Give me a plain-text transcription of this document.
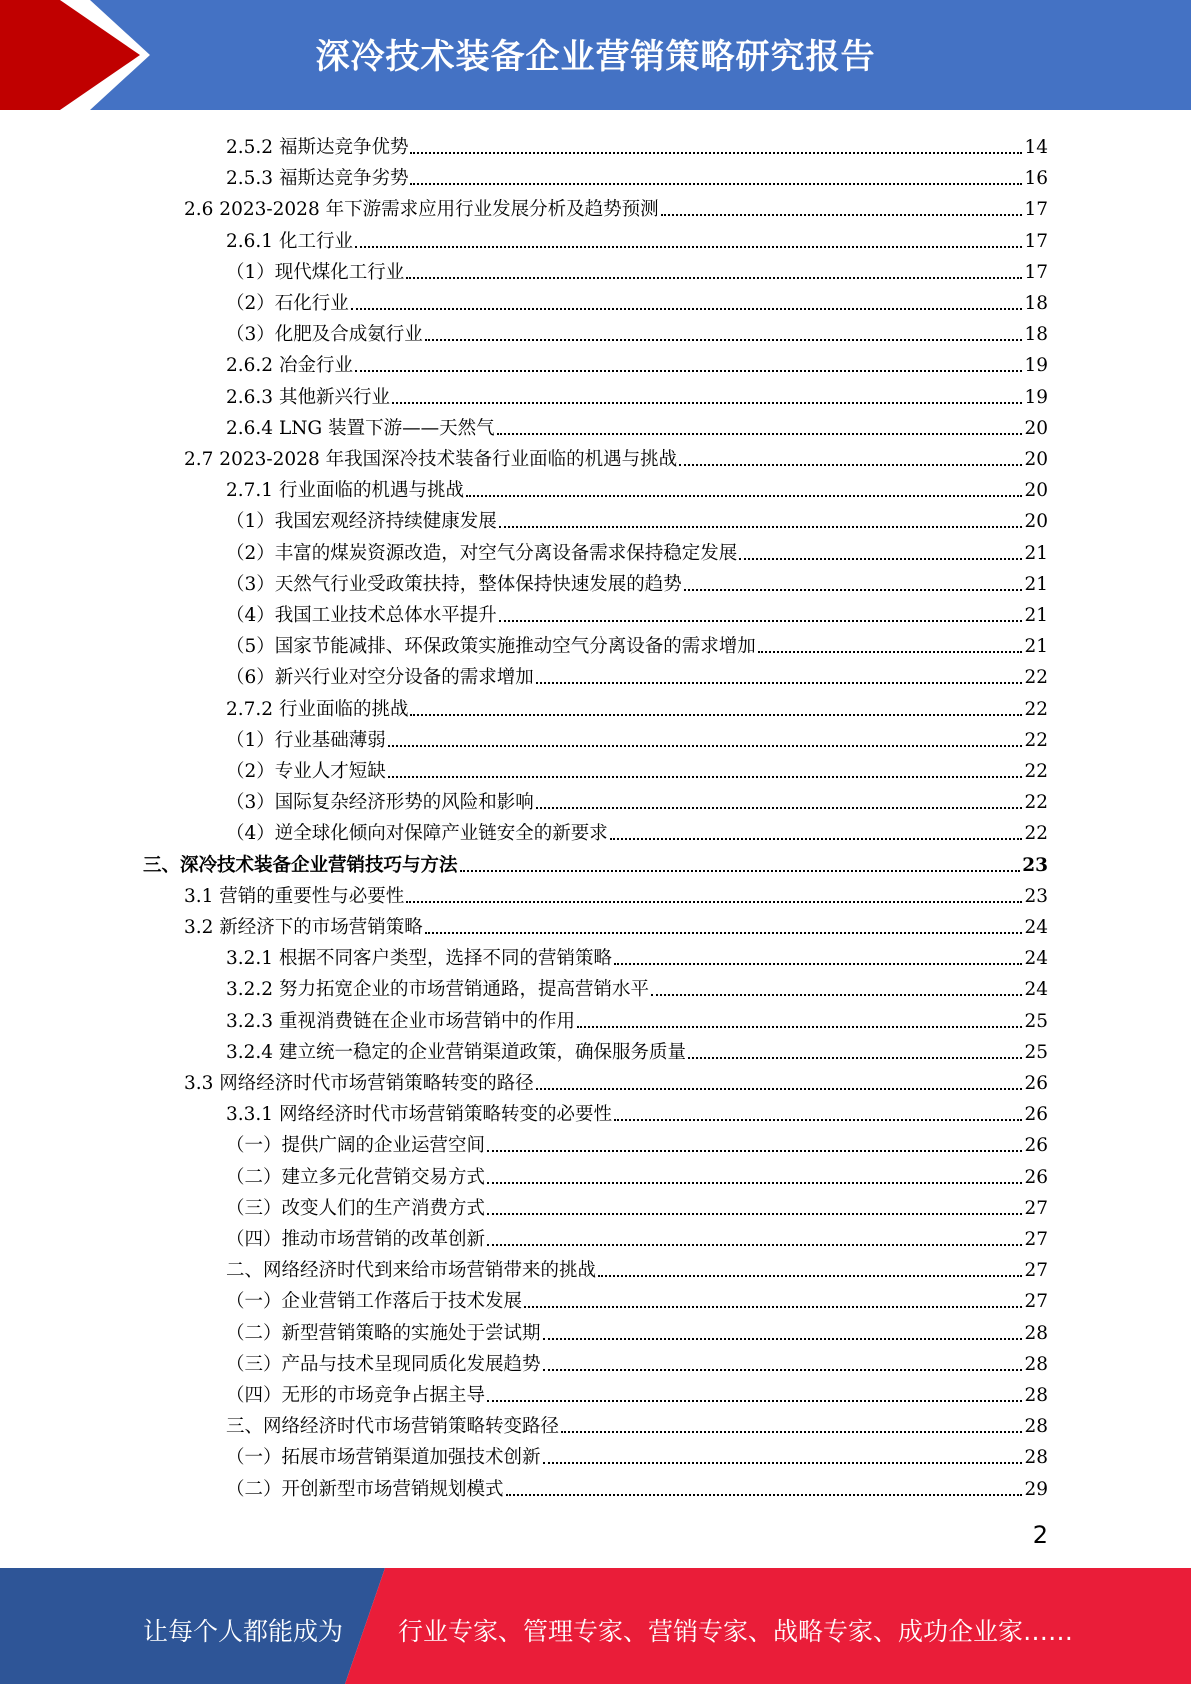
深冷技术装备企业营销策略研究报告
2.5.2 福斯达竞争优势	14
2.5.3 福斯达竞争劣势	16
2.6 2023-2028 年下游需求应用行业发展分析及趋势预测	17
2.6.1 化工行业	17
（1）现代煤化工行业	17
（2）石化行业	18
（3）化肥及合成氨行业	18
2.6.2 冶金行业	19
2.6.3 其他新兴行业	19
2.6.4 LNG 装置下游——天然气	20
2.7 2023-2028 年我国深冷技术装备行业面临的机遇与挑战	20
2.7.1 行业面临的机遇与挑战	20
（1）我国宏观经济持续健康发展	20
（2）丰富的煤炭资源改造，对空气分离设备需求保持稳定发展	21
（3）天然气行业受政策扶持，整体保持快速发展的趋势	21
（4）我国工业技术总体水平提升	21
（5）国家节能减排、环保政策实施推动空气分离设备的需求增加	21
（6）新兴行业对空分设备的需求增加	22
2.7.2 行业面临的挑战	22
（1）行业基础薄弱	22
（2）专业人才短缺	22
（3）国际复杂经济形势的风险和影响	22
（4）逆全球化倾向对保障产业链安全的新要求	22
三、深冷技术装备企业营销技巧与方法	23
3.1 营销的重要性与必要性	23
3.2 新经济下的市场营销策略	24
3.2.1 根据不同客户类型，选择不同的营销策略	24
3.2.2 努力拓宽企业的市场营销通路，提高营销水平	24
3.2.3 重视消费链在企业市场营销中的作用	25
3.2.4 建立统一稳定的企业营销渠道政策，确保服务质量	25
3.3 网络经济时代市场营销策略转变的路径	26
3.3.1 网络经济时代市场营销策略转变的必要性	26
（一）提供广阔的企业运营空间	26
（二）建立多元化营销交易方式	26
（三）改变人们的生产消费方式	27
（四）推动市场营销的改革创新	27
二、网络经济时代到来给市场营销带来的挑战	27
（一）企业营销工作落后于技术发展	27
（二）新型营销策略的实施处于尝试期	28
（三）产品与技术呈现同质化发展趋势	28
（四）无形的市场竞争占据主导	28
三、网络经济时代市场营销策略转变路径	28
（一）拓展市场营销渠道加强技术创新	28
（二）开创新型市场营销规划模式	29
2
让每个人都能成为 行业专家、管理专家、营销专家、战略专家、成功企业家……
